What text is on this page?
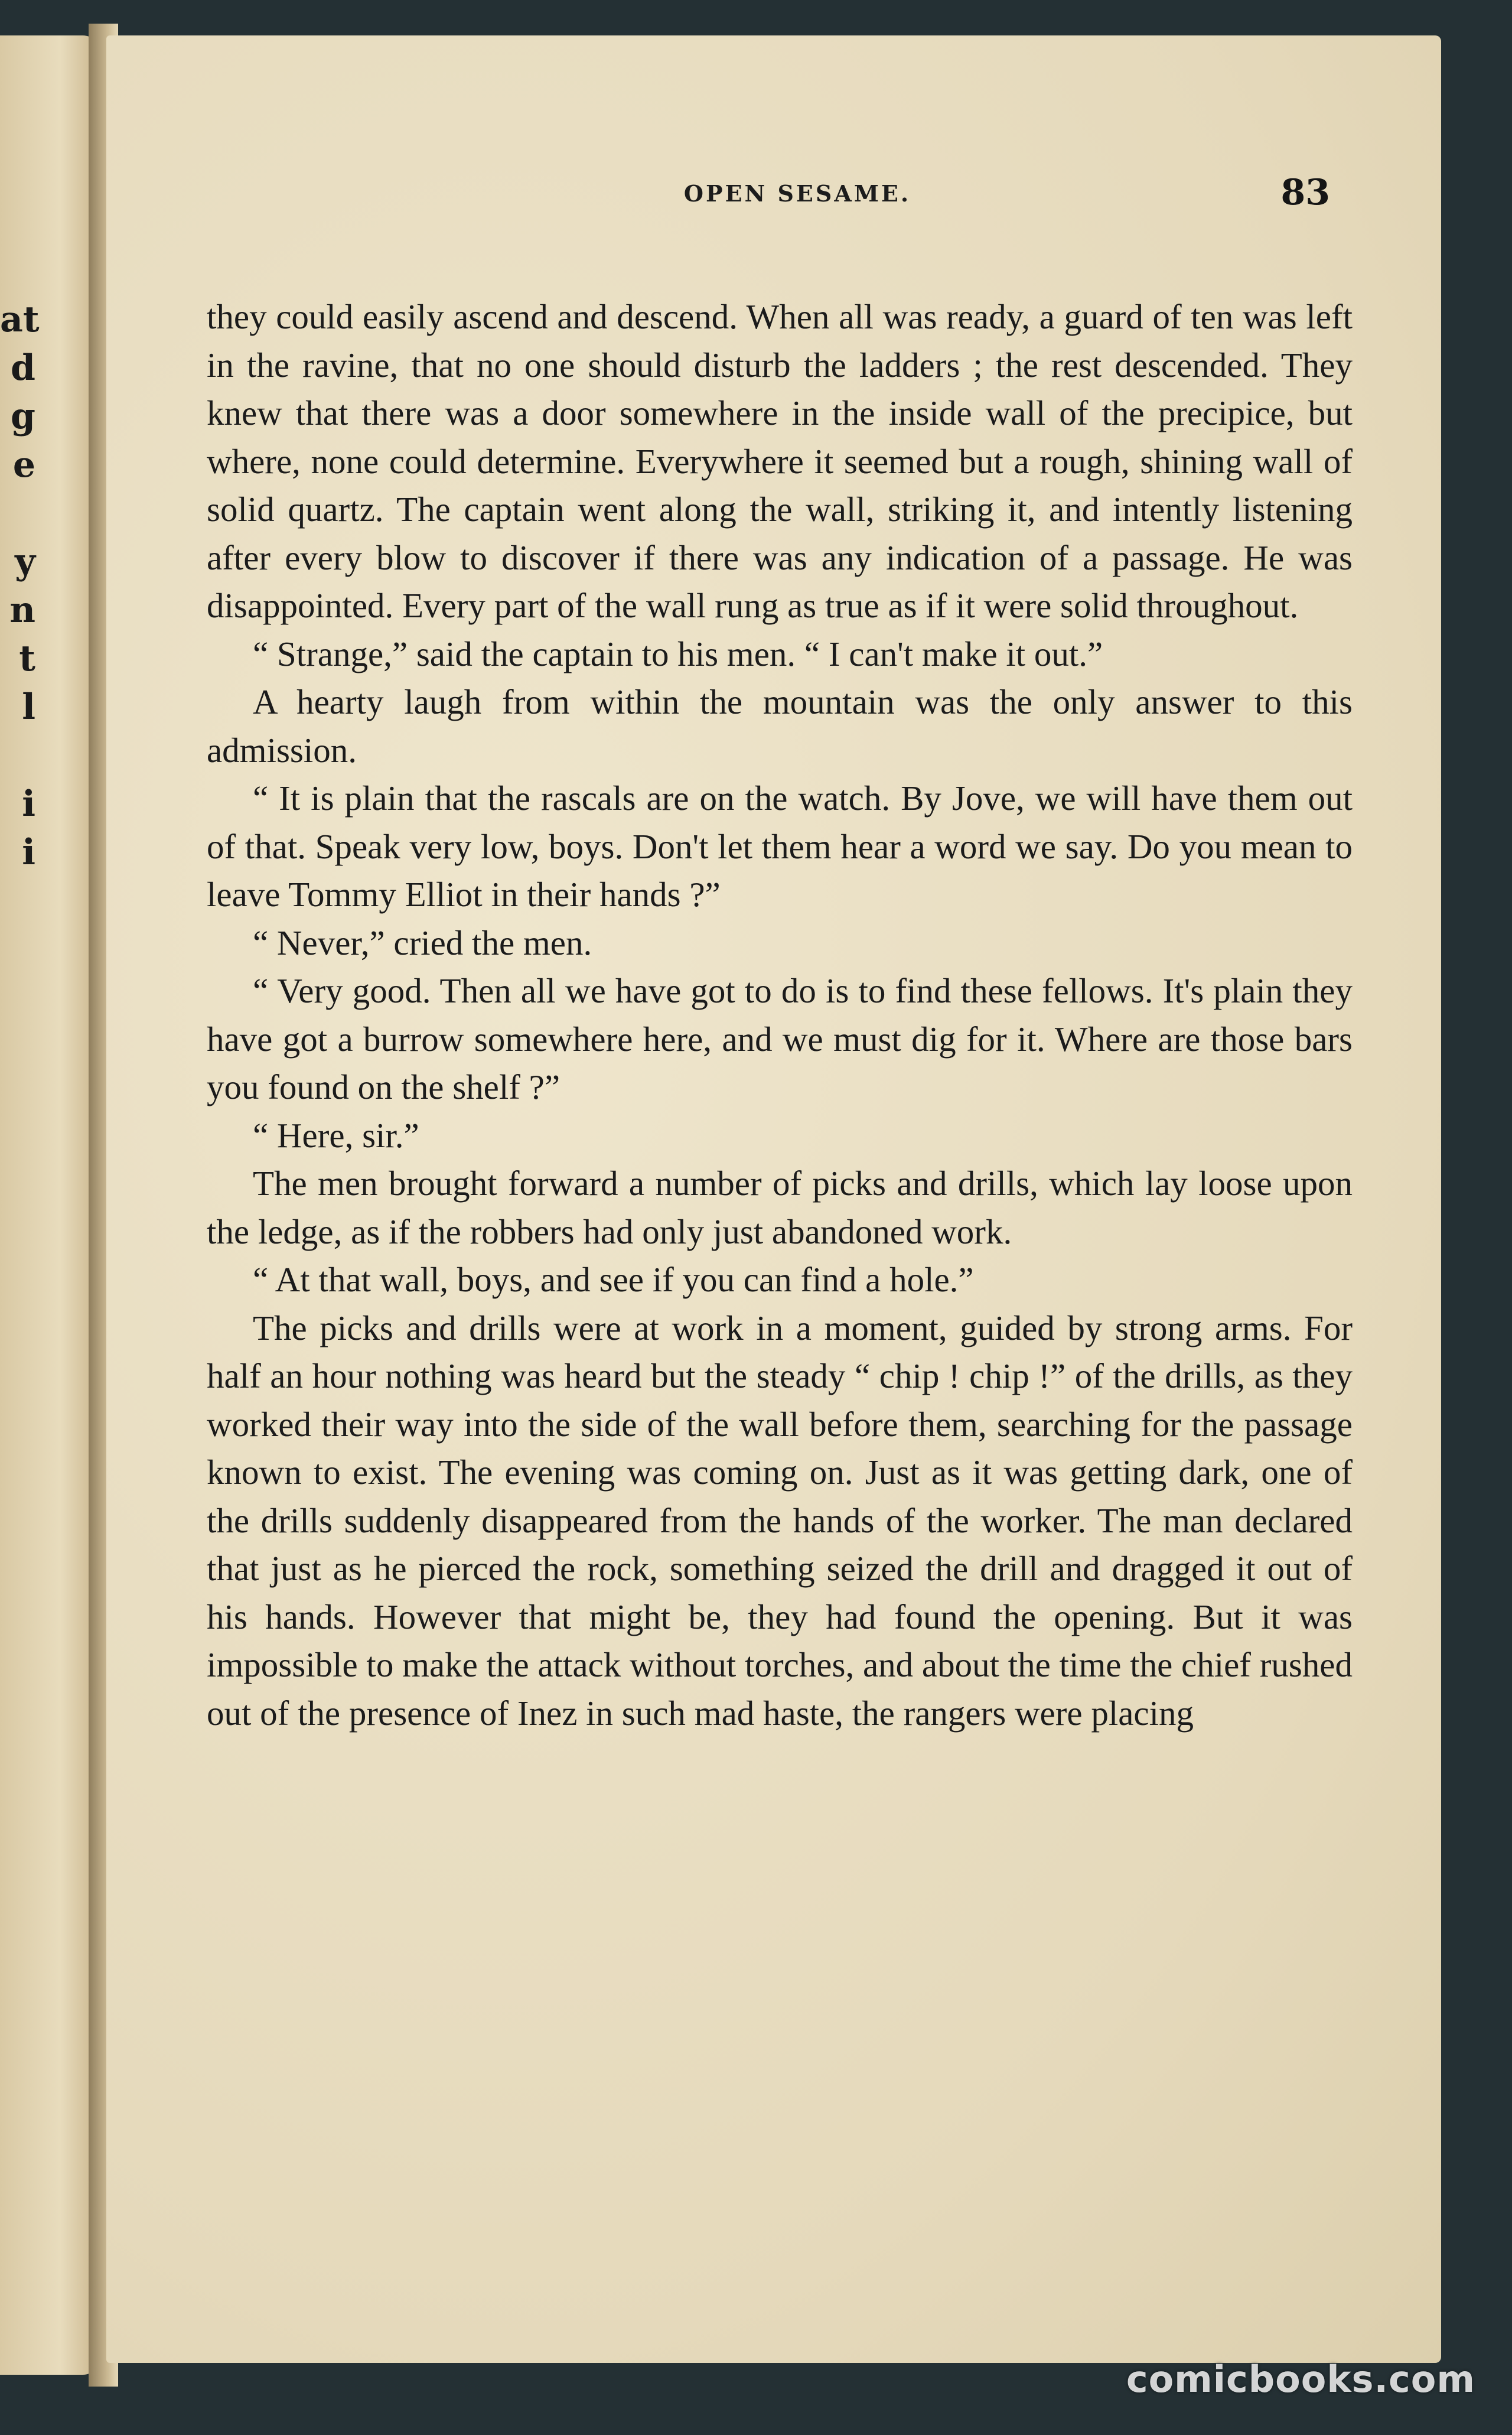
at
d
g
e
y
n
t
l
i
i
OPEN SESAME.	83

they could easily ascend and descend. When all was ready, a guard of ten was left in the ravine, that no one should disturb the ladders ; the rest descended. They knew that there was a door somewhere in the inside wall of the precipice, but where, none could determine. Everywhere it seemed but a rough, shining wall of solid quartz. The captain went along the wall, striking it, and intently listening after every blow to discover if there was any indication of a passage. He was disappointed. Every part of the wall rung as true as if it were solid throughout.

“ Strange,” said the captain to his men. “ I can't make it out.”

A hearty laugh from within the mountain was the only answer to this admission.

“ It is plain that the rascals are on the watch. By Jove, we will have them out of that. Speak very low, boys. Don't let them hear a word we say. Do you mean to leave Tommy Elliot in their hands ?”

“ Never,” cried the men.

“ Very good. Then all we have got to do is to find these fellows. It's plain they have got a burrow somewhere here, and we must dig for it. Where are those bars you found on the shelf ?”

“ Here, sir.”

The men brought forward a number of picks and drills, which lay loose upon the ledge, as if the robbers had only just abandoned work.

“ At that wall, boys, and see if you can find a hole.”

The picks and drills were at work in a moment, guided by strong arms. For half an hour nothing was heard but the steady “ chip ! chip !” of the drills, as they worked their way into the side of the wall before them, searching for the passage known to exist. The evening was coming on. Just as it was getting dark, one of the drills suddenly disappeared from the hands of the worker. The man declared that just as he pierced the rock, something seized the drill and dragged it out of his hands. However that might be, they had found the opening. But it was impossible to make the attack without torches, and about the time the chief rushed out of the presence of Inez in such mad haste, the rangers were placing

comicbooks.com
